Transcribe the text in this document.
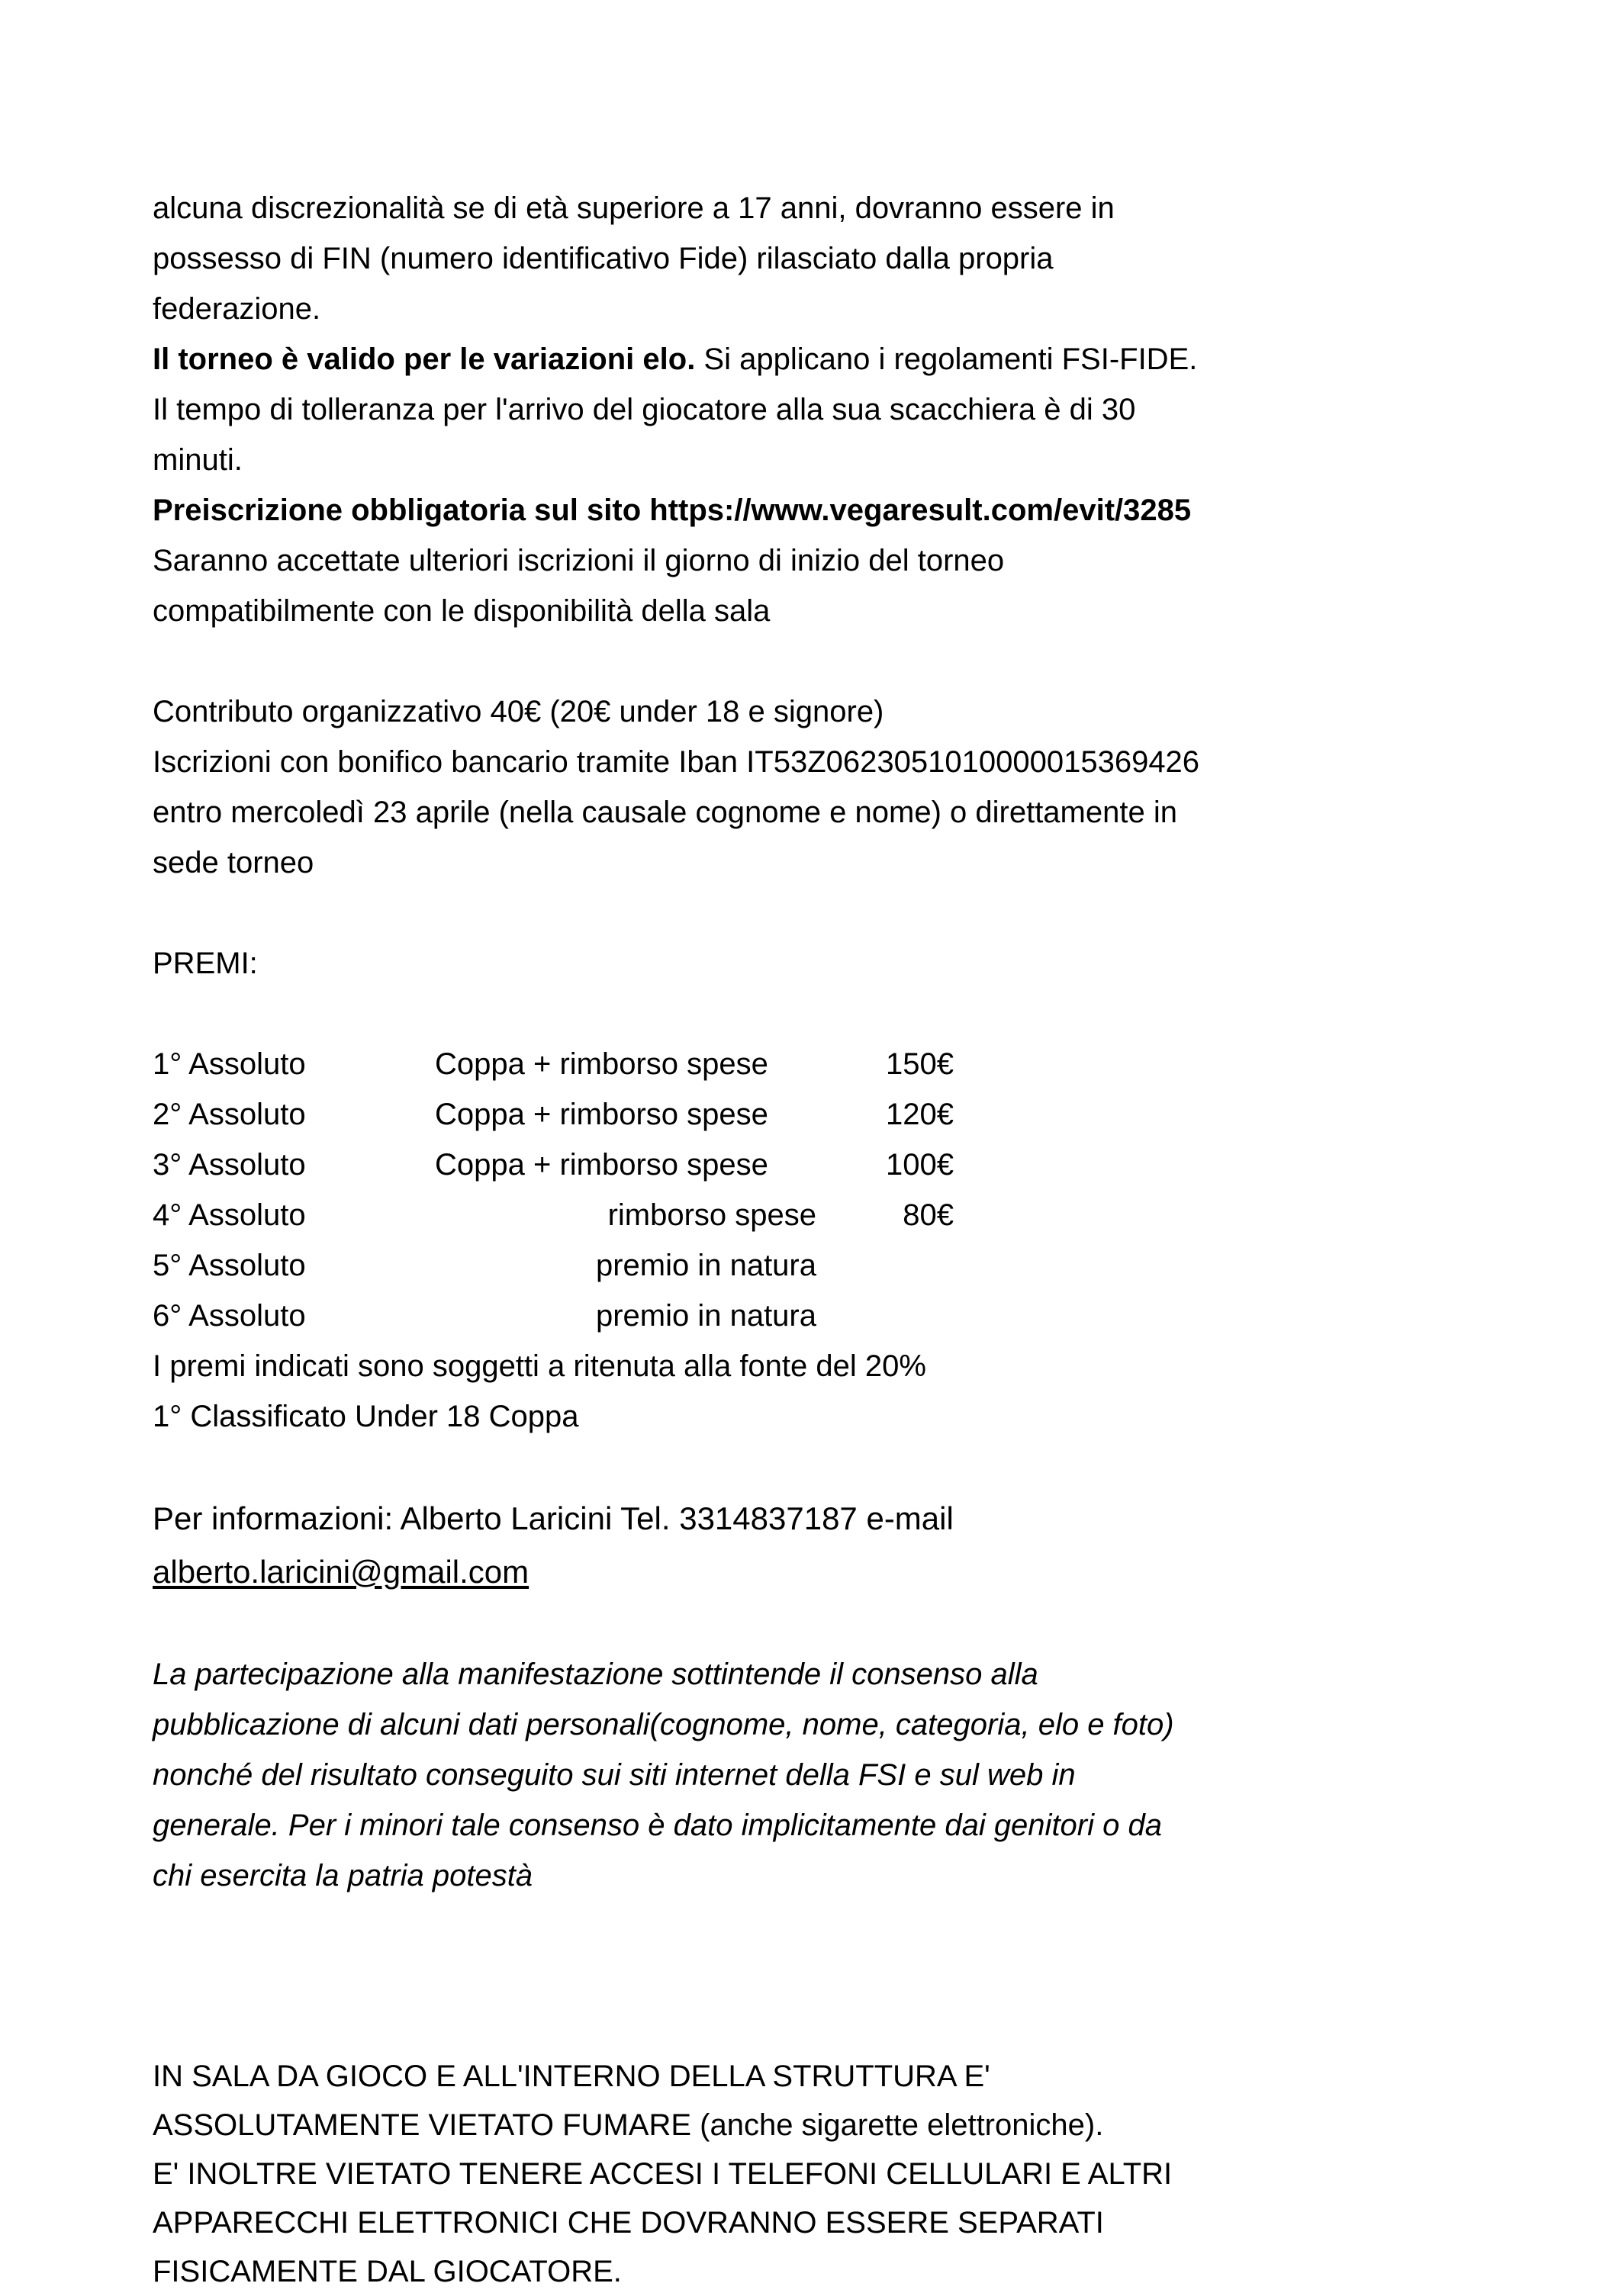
alcuna discrezionalità se di età superiore a 17 anni, dovranno essere in
possesso di FIN (numero identificativo Fide) rilasciato dalla propria
federazione.
Il torneo è valido per le variazioni elo. Si applicano i regolamenti FSI-FIDE.
Il tempo di tolleranza per l'arrivo del giocatore alla sua scacchiera è di 30
minuti.
Preiscrizione obbligatoria sul sito https://www.vegaresult.com/evit/3285
Saranno accettate ulteriori iscrizioni il giorno di inizio del torneo
compatibilmente con le disponibilità della sala
Contributo organizzativo 40€ (20€ under 18 e signore)
Iscrizioni con bonifico bancario tramite Iban IT53Z0623051010000015369426
entro mercoledì 23 aprile (nella causale cognome e nome) o direttamente in
sede torneo
PREMI:
1° Assoluto	Coppa + rimborso spese	150€
2° Assoluto	Coppa + rimborso spese	120€
3° Assoluto	Coppa + rimborso spese	100€
4° Assoluto	rimborso spese	80€
5° Assoluto	premio in natura
6° Assoluto	premio in natura
I premi indicati sono soggetti a ritenuta alla fonte del 20%
1° Classificato Under 18 Coppa
Per informazioni: Alberto Laricini Tel. 3314837187 e-mail
alberto.laricini@gmail.com
La partecipazione alla manifestazione sottintende il consenso alla
pubblicazione di alcuni dati personali(cognome, nome, categoria, elo e foto)
nonché del risultato conseguito sui siti internet della FSI e sul web in
generale. Per i minori tale consenso è dato implicitamente dai genitori o da
chi esercita la patria potestà
IN SALA DA GIOCO E ALL'INTERNO DELLA STRUTTURA E'
ASSOLUTAMENTE VIETATO FUMARE (anche sigarette elettroniche).
E' INOLTRE VIETATO TENERE ACCESI I TELEFONI CELLULARI E ALTRI
APPARECCHI ELETTRONICI CHE DOVRANNO ESSERE SEPARATI
FISICAMENTE DAL GIOCATORE.
